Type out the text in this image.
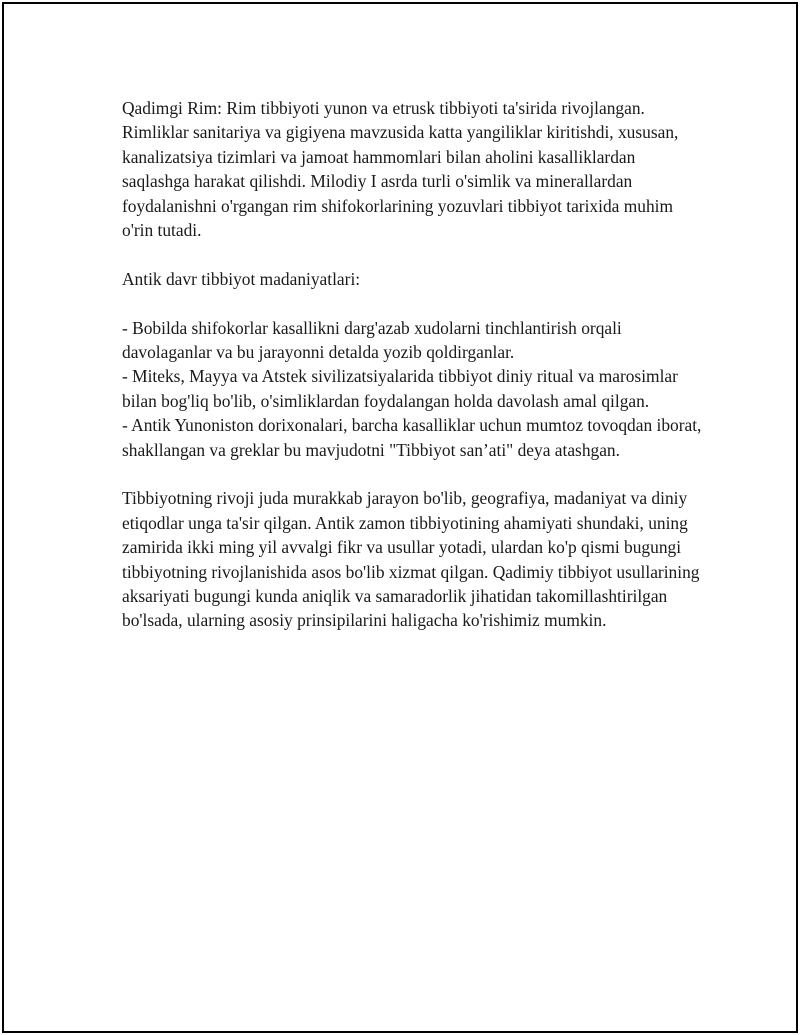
Qadimgi Rim: Rim tibbiyoti yunon va etrusk tibbiyoti ta'sirida rivojlangan. Rimliklar sanitariya va gigiyena mavzusida katta yangiliklar kiritishdi, xususan, kanalizatsiya tizimlari va jamoat hammomlari bilan aholini kasalliklardan saqlashga harakat qilishdi. Milodiy I asrda turli o'simlik va minerallardan foydalanishni o'rgangan rim shifokorlarining yozuvlari tibbiyot tarixida muhim o'rin tutadi.

Antik davr tibbiyot madaniyatlari:

- Bobilda shifokorlar kasallikni darg'azab xudolarni tinchlantirish orqali davolaganlar va bu jarayonni detalda yozib qoldirganlar.

- Miteks, Mayya va Atstek sivilizatsiyalarida tibbiyot diniy ritual va marosimlar bilan bog'liq bo'lib, o'simliklardan foydalangan holda davolash amal qilgan.

- Antik Yunoniston dorixonalari, barcha kasalliklar uchun mumtoz tovoqdan iborat, shakllangan va greklar bu mavjudotni "Tibbiyot san’ati" deya atashgan.

Tibbiyotning rivoji juda murakkab jarayon bo'lib, geografiya, madaniyat va diniy etiqodlar unga ta'sir qilgan. Antik zamon tibbiyotining ahamiyati shundaki, uning zamirida ikki ming yil avvalgi fikr va usullar yotadi, ulardan ko'p qismi bugungi tibbiyotning rivojlanishida asos bo'lib xizmat qilgan. Qadimiy tibbiyot usullarining aksariyati bugungi kunda aniqlik va samaradorlik jihatidan takomillashtirilgan bo'lsada, ularning asosiy prinsipilarini haligacha ko'rishimiz mumkin.
